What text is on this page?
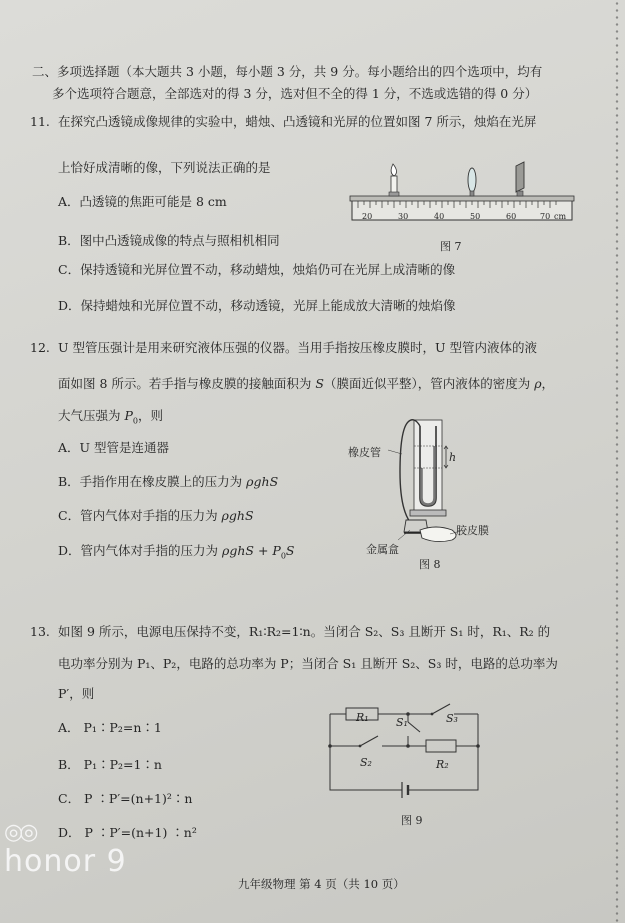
二、多项选择题（本大题共 3 小题，每小题 3 分，共 9 分。每小题给出的四个选项中，均有
多个选项符合题意，全部选对的得 3 分，选对但不全的得 1 分，不选或选错的得 0 分）
11. 在探究凸透镜成像规律的实验中，蜡烛、凸透镜和光屏的位置如图 7 所示，烛焰在光屏
上恰好成清晰的像，下列说法正确的是
A．凸透镜的焦距可能是 8 cm
B．图中凸透镜成像的特点与照相机相同
C．保持透镜和光屏位置不动，移动蜡烛，烛焰仍可在光屏上成清晰的像
D．保持蜡烛和光屏位置不动，移动透镜，光屏上能成放大清晰的烛焰像
20	30	40	50	60	70 cm
图 7
12. U 型管压强计是用来研究液体压强的仪器。当用手指按压橡皮膜时，U 型管内液体的液
面如图 8 所示。若手指与橡皮膜的接触面积为 S（膜面近似平整），管内液体的密度为 ρ，
大气压强为 $P_0$，则
A．U 型管是连通器
B．手指作用在橡皮膜上的压力为 ρghS
C．管内气体对手指的压力为 ρghS
D．管内气体对手指的压力为 $\rho ghS + P_0S$
橡皮管	h
胶皮膜
金属盒
图 8
13. 如图 9 所示，电源电压保持不变，R₁∶R₂=1∶n。当闭合 S₂、S₃ 且断开 S₁ 时，R₁、R₂ 的
电功率分别为 P₁、P₂，电路的总功率为 P；当闭合 S₁ 且断开 S₂、S₃ 时，电路的总功率为
P′，则
A． P₁∶P₂=n∶1
B． P₁∶P₂=1∶n
C． P ∶P′=(n+1)²∶n
D． P ∶P′=(n+1) ∶n²
R₁ S₁	S₃
S₂	R₂
图 9
九年级物理 第 4 页（共 10 页）
◎◎
honor 9
